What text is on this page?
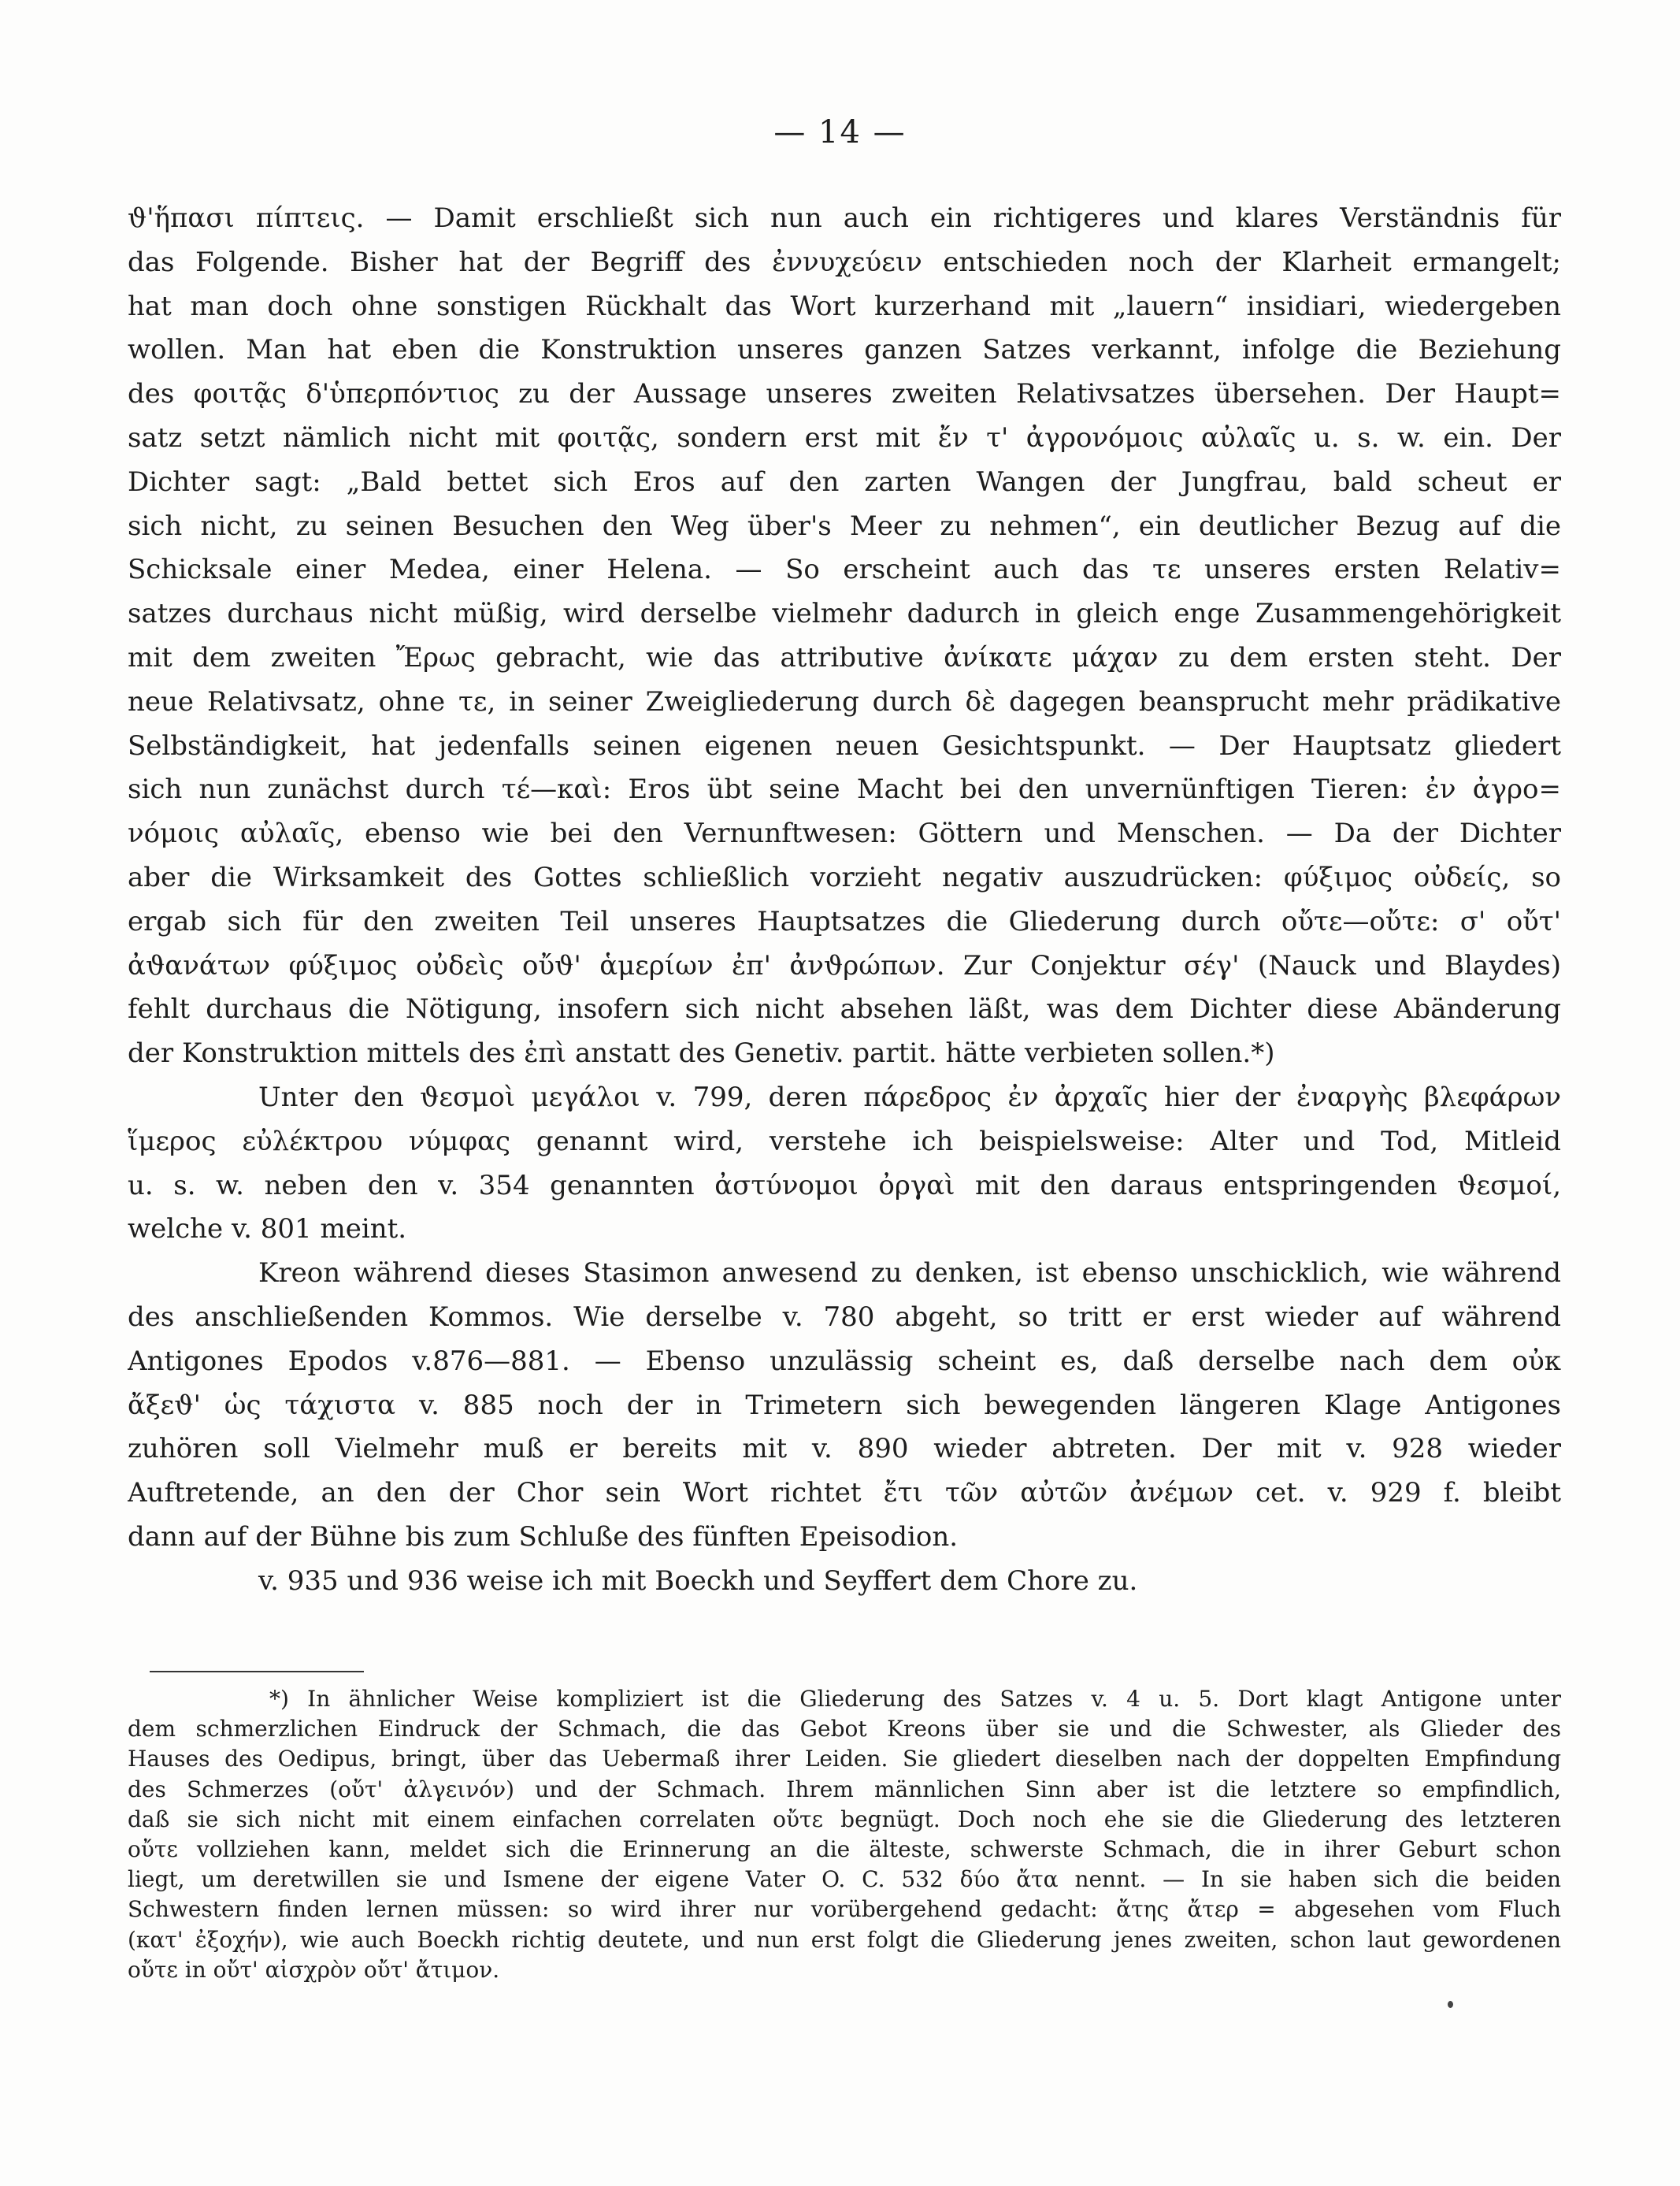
— 14 —
ϑ'ἥπασι πίπτεις. — Damit erschließt sich nun auch ein richtigeres und klares Verständnis für
das Folgende. Bisher hat der Begriff des ἐννυχεύειν entschieden noch der Klarheit ermangelt;
hat man doch ohne sonstigen Rückhalt das Wort kurzerhand mit „lauern“ insidiari, wiedergeben
wollen. Man hat eben die Konstruktion unseres ganzen Satzes verkannt, infolge die Beziehung
des φοιτᾷς δ'ὑπερπόντιος zu der Aussage unseres zweiten Relativsatzes übersehen. Der Haupt=
satz setzt nämlich nicht mit φοιτᾷς, sondern erst mit ἔν τ' ἀγρονόμοις αὐλαῖς u. s. w. ein. Der
Dichter sagt: „Bald bettet sich Eros auf den zarten Wangen der Jungfrau, bald scheut er
sich nicht, zu seinen Besuchen den Weg über's Meer zu nehmen“, ein deutlicher Bezug auf die
Schicksale einer Medea, einer Helena. — So erscheint auch das τε unseres ersten Relativ=
satzes durchaus nicht müßig, wird derselbe vielmehr dadurch in gleich enge Zusammengehörigkeit
mit dem zweiten Ἔρως gebracht, wie das attributive ἀνίκατε μάχαν zu dem ersten steht. Der
neue Relativsatz, ohne τε, in seiner Zweigliederung durch δὲ dagegen beansprucht mehr prädikative
Selbständigkeit, hat jedenfalls seinen eigenen neuen Gesichtspunkt. — Der Hauptsatz gliedert
sich nun zunächst durch τέ—καὶ: Eros übt seine Macht bei den unvernünftigen Tieren: ἐν ἀγρο=
νόμοις αὐλαῖς, ebenso wie bei den Vernunftwesen: Göttern und Menschen. — Da der Dichter
aber die Wirksamkeit des Gottes schließlich vorzieht negativ auszudrücken: φύξιμος οὐδείς, so
ergab sich für den zweiten Teil unseres Hauptsatzes die Gliederung durch οὔτε—οὔτε: σ' οὔτ'
ἀϑανάτων φύξιμος οὐδεὶς οὔϑ' ἁμερίων ἐπ' ἀνϑρώπων. Zur Conjektur σέγ' (Nauck und Blaydes)
fehlt durchaus die Nötigung, insofern sich nicht absehen läßt, was dem Dichter diese Abänderung
der Konstruktion mittels des ἐπὶ anstatt des Genetiv. partit. hätte verbieten sollen.*)
Unter den ϑεσμοὶ μεγάλοι v. 799, deren πάρεδρος ἐν ἀρχαῖς hier der ἐναργὴς βλεφάρων
ἵμερος εὐλέκτρου νύμφας genannt wird, verstehe ich beispielsweise: Alter und Tod, Mitleid
u. s. w. neben den v. 354 genannten ἀστύνομοι ὀργαὶ mit den daraus entspringenden ϑεσμοί,
welche v. 801 meint.
Kreon während dieses Stasimon anwesend zu denken, ist ebenso unschicklich, wie während
des anschließenden Kommos. Wie derselbe v. 780 abgeht, so tritt er erst wieder auf während
Antigones Epodos v.876—881. — Ebenso unzulässig scheint es, daß derselbe nach dem οὐκ
ἄξεϑ' ὡς τάχιστα v. 885 noch der in Trimetern sich bewegenden längeren Klage Antigones
zuhören soll Vielmehr muß er bereits mit v. 890 wieder abtreten. Der mit v. 928 wieder
Auftretende, an den der Chor sein Wort richtet ἔτι τῶν αὐτῶν ἀνέμων cet. v. 929 f. bleibt
dann auf der Bühne bis zum Schluße des fünften Epeisodion.
v. 935 und 936 weise ich mit Boeckh und Seyffert dem Chore zu.
*) In ähnlicher Weise kompliziert ist die Gliederung des Satzes v. 4 u. 5. Dort klagt Antigone unter
dem schmerzlichen Eindruck der Schmach, die das Gebot Kreons über sie und die Schwester, als Glieder des
Hauses des Oedipus, bringt, über das Uebermaß ihrer Leiden. Sie gliedert dieselben nach der doppelten Empfindung
des Schmerzes (οὔτ' ἀλγεινόν) und der Schmach. Ihrem männlichen Sinn aber ist die letztere so empfindlich,
daß sie sich nicht mit einem einfachen correlaten οὔτε begnügt. Doch noch ehe sie die Gliederung des letzteren
οὔτε vollziehen kann, meldet sich die Erinnerung an die älteste, schwerste Schmach, die in ihrer Geburt schon
liegt, um deretwillen sie und Ismene der eigene Vater O. C. 532 δύο ἄτα nennt. — In sie haben sich die beiden
Schwestern finden lernen müssen: so wird ihrer nur vorübergehend gedacht: ἄτης ἄτερ = abgesehen vom Fluch
(κατ' ἐξοχήν), wie auch Boeckh richtig deutete, und nun erst folgt die Gliederung jenes zweiten, schon laut gewordenen
οὔτε in οὔτ' αἰσχρὸν οὔτ' ἄτιμον.
